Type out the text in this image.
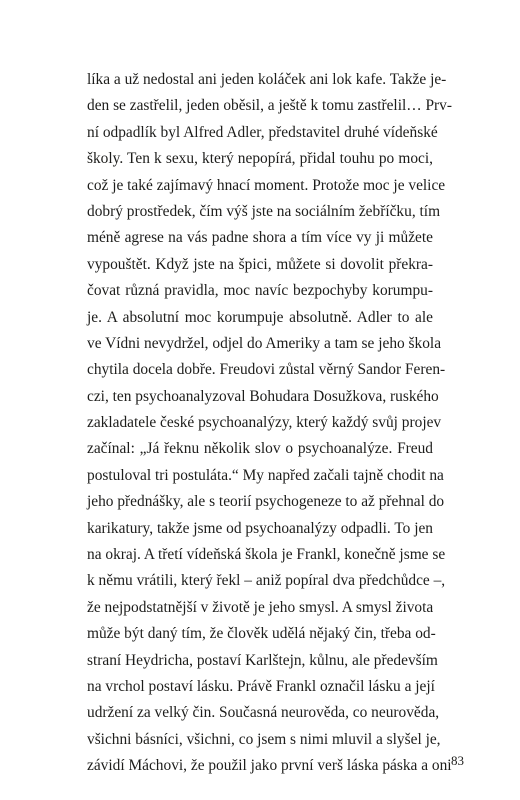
líka a už nedostal ani jeden koláček ani lok kafe. Takže je-
den se zastřelil, jeden oběsil, a ještě k tomu zastřelil… Prv-
ní odpadlík byl Alfred Adler, představitel druhé vídeňské
školy. Ten k sexu, který nepopírá, přidal touhu po moci,
což je také zajímavý hnací moment. Protože moc je velice
dobrý prostředek, čím výš jste na sociálním žebříčku, tím
méně agrese na vás padne shora a tím více vy ji můžete
vypouštět. Když jste na špici, můžete si dovolit překra-
čovat různá pravidla, moc navíc bezpochyby korumpu-
je. A absolutní moc korumpuje absolutně. Adler to ale
ve Vídni nevydržel, odjel do Ameriky a tam se jeho škola
chytila docela dobře. Freudovi zůstal věrný Sandor Feren-
czi, ten psychoanalyzoval Bohudara Dosužkova, ruského
zakladatele české psychoanalýzy, který každý svůj projev
začínal: „Já řeknu několik slov o psychoanalýze. Freud
postuloval tri postuláta.“ My napřed začali tajně chodit na
jeho přednášky, ale s teorií psychogeneze to až přehnal do
karikatury, takže jsme od psychoanalýzy odpadli. To jen
na okraj. A třetí vídeňská škola je Frankl, konečně jsme se
k němu vrátili, který řekl – aniž popíral dva předchůdce –,
že nejpodstatnější v životě je jeho smysl. A smysl života
může být daný tím, že člověk udělá nějaký čin, třeba od-
straní Heydricha, postaví Karlštejn, kůlnu, ale především
na vrchol postaví lásku. Právě Frankl označil lásku a její
udržení za velký čin. Současná neurověda, co neurověda,
všichni básníci, všichni, co jsem s nimi mluvil a slyšel je,
závidí Máchovi, že použil jako první verš láska páska a oni 83
